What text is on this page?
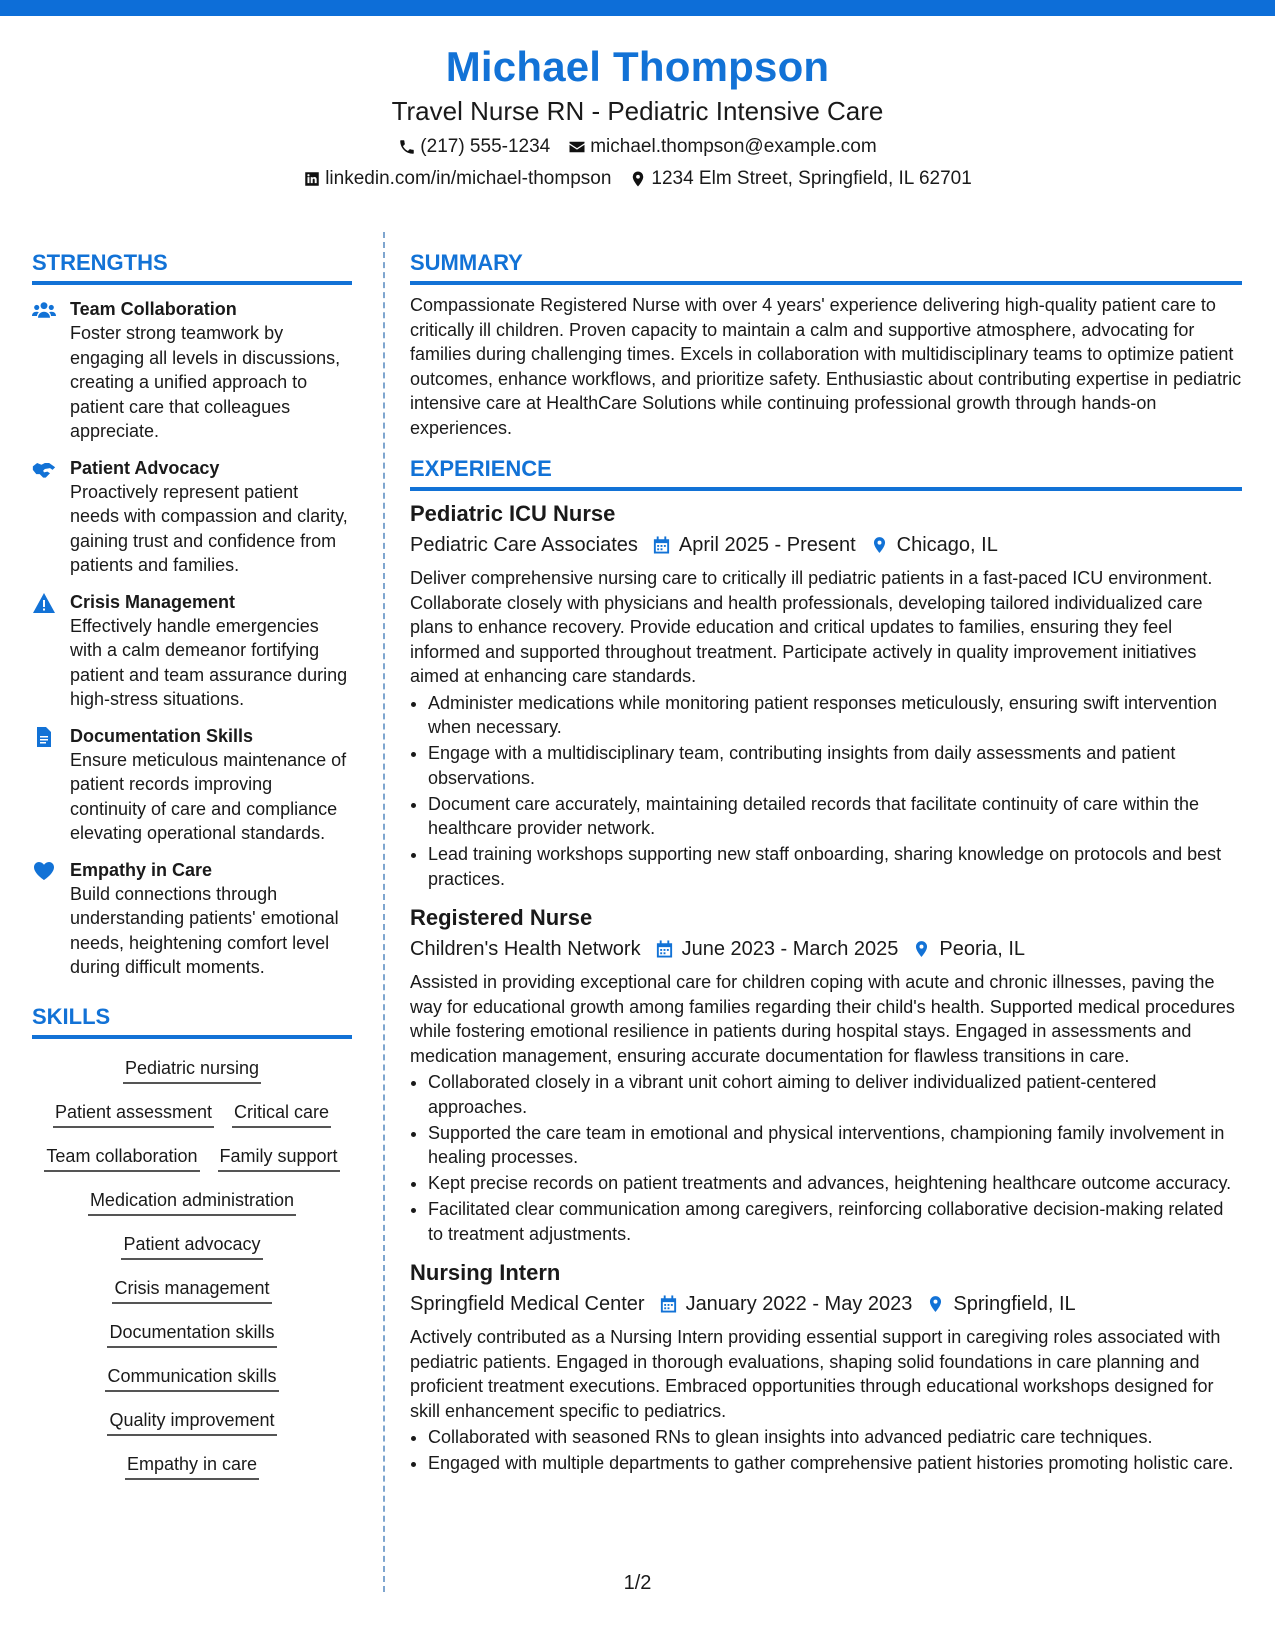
Michael Thompson
Travel Nurse RN - Pediatric Intensive Care
(217) 555-1234 michael.thompson@example.com
linkedin.com/in/michael-thompson 1234 Elm Street, Springfield, IL 62701
STRENGTHS
Team Collaboration
Foster strong teamwork by engaging all levels in discussions, creating a unified approach to patient care that colleagues appreciate.
Patient Advocacy
Proactively represent patient needs with compassion and clarity, gaining trust and confidence from patients and families.
Crisis Management
Effectively handle emergencies with a calm demeanor fortifying patient and team assurance during high-stress situations.
Documentation Skills
Ensure meticulous maintenance of patient records improving continuity of care and compliance elevating operational standards.
Empathy in Care
Build connections through understanding patients' emotional needs, heightening comfort level during difficult moments.
SKILLS
Pediatric nursing
Patient assessment Critical care
Team collaboration Family support
Medication administration
Patient advocacy
Crisis management
Documentation skills
Communication skills
Quality improvement
Empathy in care
SUMMARY
Compassionate Registered Nurse with over 4 years' experience delivering high-quality patient care to critically ill children. Proven capacity to maintain a calm and supportive atmosphere, advocating for families during challenging times. Excels in collaboration with multidisciplinary teams to optimize patient outcomes, enhance workflows, and prioritize safety. Enthusiastic about contributing expertise in pediatric intensive care at HealthCare Solutions while continuing professional growth through hands-on experiences.
EXPERIENCE
Pediatric ICU Nurse
Pediatric Care Associates April 2025 - Present Chicago, IL
Deliver comprehensive nursing care to critically ill pediatric patients in a fast-paced ICU environment. Collaborate closely with physicians and health professionals, developing tailored individualized care plans to enhance recovery. Provide education and critical updates to families, ensuring they feel informed and supported throughout treatment. Participate actively in quality improvement initiatives aimed at enhancing care standards.
• Administer medications while monitoring patient responses meticulously, ensuring swift intervention when necessary.
• Engage with a multidisciplinary team, contributing insights from daily assessments and patient observations.
• Document care accurately, maintaining detailed records that facilitate continuity of care within the healthcare provider network.
• Lead training workshops supporting new staff onboarding, sharing knowledge on protocols and best practices.
Registered Nurse
Children's Health Network June 2023 - March 2025 Peoria, IL
Assisted in providing exceptional care for children coping with acute and chronic illnesses, paving the way for educational growth among families regarding their child's health. Supported medical procedures while fostering emotional resilience in patients during hospital stays. Engaged in assessments and medication management, ensuring accurate documentation for flawless transitions in care.
• Collaborated closely in a vibrant unit cohort aiming to deliver individualized patient-centered approaches.
• Supported the care team in emotional and physical interventions, championing family involvement in healing processes.
• Kept precise records on patient treatments and advances, heightening healthcare outcome accuracy.
• Facilitated clear communication among caregivers, reinforcing collaborative decision-making related to treatment adjustments.
Nursing Intern
Springfield Medical Center January 2022 - May 2023 Springfield, IL
Actively contributed as a Nursing Intern providing essential support in caregiving roles associated with pediatric patients. Engaged in thorough evaluations, shaping solid foundations in care planning and proficient treatment executions. Embraced opportunities through educational workshops designed for skill enhancement specific to pediatrics.
• Collaborated with seasoned RNs to glean insights into advanced pediatric care techniques.
• Engaged with multiple departments to gather comprehensive patient histories promoting holistic care.
1/2
